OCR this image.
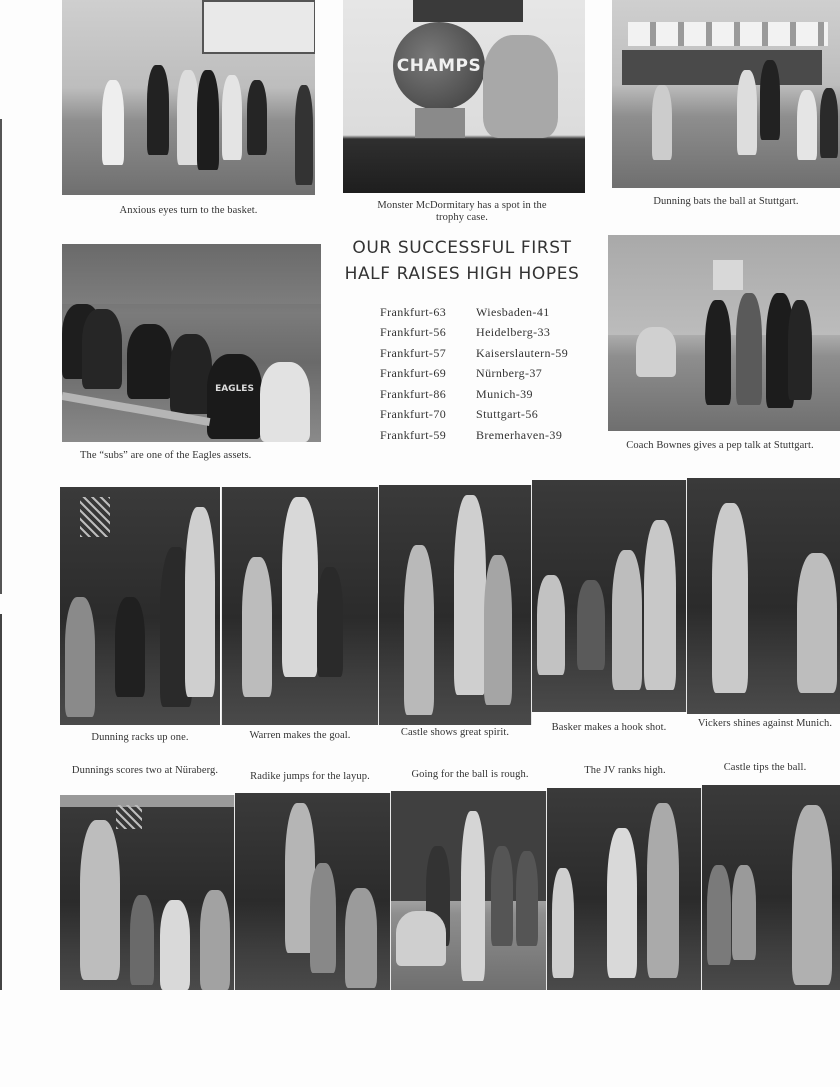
Anxious eyes turn to the basket.
CHAMPS
Monster McDormitary has a spot in the trophy case.
Dunning bats the ball at Stuttgart.
EAGLES
The “subs” are one of the Eagles assets.
OUR SUCCESSFUL FIRST
HALF RAISES HIGH HOPES
Frankfurt-63	Wiesbaden-41
Frankfurt-56	Heidelberg-33
Frankfurt-57	Kaiserslautern-59
Frankfurt-69	Nürnberg-37
Frankfurt-86	Munich-39
Frankfurt-70	Stuttgart-56
Frankfurt-59	Bremerhaven-39
Coach Bownes gives a pep talk at Stuttgart.
Dunning racks up one.	Warren makes the goal.	Castle shows great spirit.	Basker makes a hook shot.	Vickers shines against Munich.
Dunnings scores two at Nüraberg.
Radike jumps for the layup.	Going for the ball is rough.	The JV ranks high.	Castle tips the ball.
